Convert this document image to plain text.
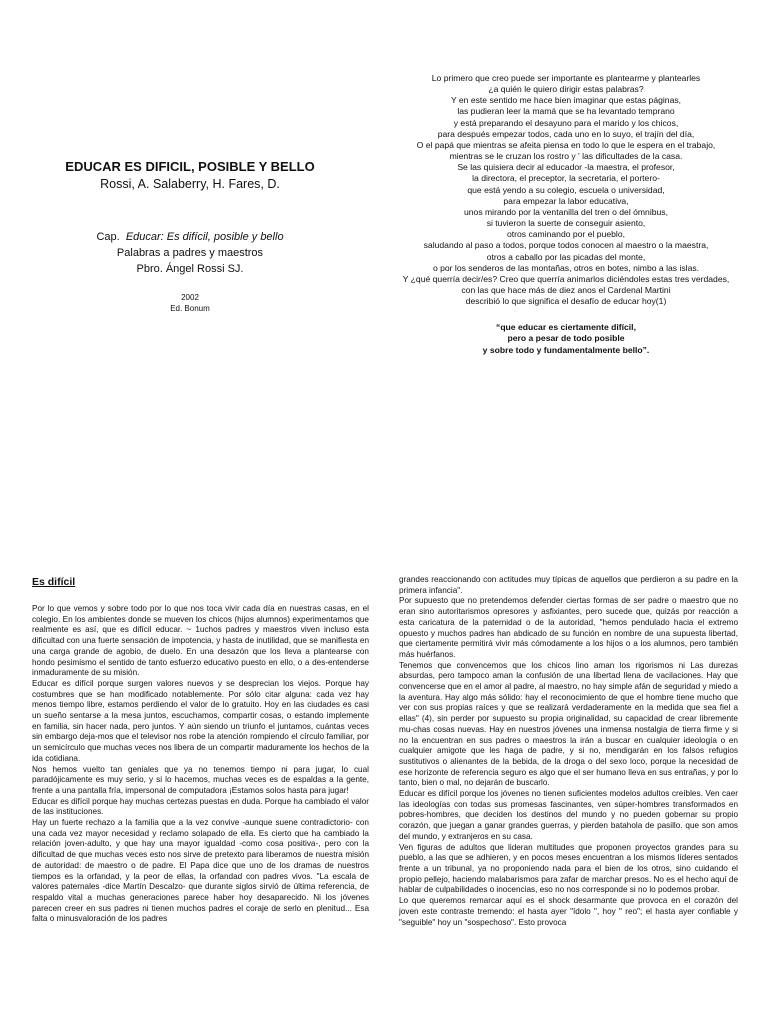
EDUCAR ES DIFICIL, POSIBLE Y BELLO

Rossi, A. Salaberry, H. Fares, D.

Cap. Educar: Es difícil, posible y bello
Palabras a padres y maestros
Pbro. Ángel Rossi SJ.
2002
Ed. Bonum

Lo primero que creo puede ser importante es plantearme y plantearles

¿a quién le quiero dirigir estas palabras?

Y en este sentido me hace bien imaginar que estas páginas,

las pudieran leer la mamá que se ha levantado temprano

y está preparando el desayuno para el marido y los chicos,

para después empezar todos, cada uno en lo suyo, el trajín del día,

O el papá que mientras se afeita piensa en todo lo que le espera en el trabajo,

mientras se le cruzan los rostro y ' las dificultades de la casa.

Se las quisiera decir al educador -la maestra, el profesor,

la directora, el preceptor, la secretaria, el portero-

que está yendo a su colegio, escuela o universidad,

para empezar la labor educativa,

unos mirando por la ventanilla del tren o del ómnibus,

si tuvieron la suerte de conseguir asiento,

otros caminando por el pueblo,

saludando al paso a todos, porque todos conocen al maestro o la maestra,

otros a caballo por las picadas del monte,

o por los senderos de las montañas, otros en botes, nimbo a las islas.

Y ¿qué querría decir/es? Creo que querría animarlos diciéndoles estas tres verdades,

con las que hace más de diez anos el Cardenal Martini

describió lo que significa el desafío de educar hoy(1)

“que educar es ciertamente difícil,

pero a pesar de todo posible

y sobre todo y fundamentalmente bello”.

Es difícil

Por lo que vemos y sobre todo por lo que nos toca vivir cada día en nuestras casas, en el colegio. En los ambientes donde se mueven los chicos (hijos alumnos) experimentamos que realmente es así, que es difícil educar. ~ 1uchos padres y maestros viven incluso esta dificultad con una fuerte sensación de impotencia, y hasta de inutilidad, que se manifiesta en una carga grande de agobio, de duelo. En una desazón que los lleva a plantearse con hondo pesimismo el sentido de tanto esfuerzo educativo puesto en ello, o a des-entenderse inmaduramente de su misión.

Educar es difícil porque surgen valores nuevos y se desprecian los viejos. Porque hay costumbres que se han modificado notablemente. Por sólo citar alguna: cada vez hay menos tiempo libre, estamos perdiendo el valor de lo gratuito. Hoy en las ciudades es casi un sueño sentarse a la mesa juntos, escuchamos, compartir cosas, o estando implemente en familia, sin hacer nada, pero juntos. Y aún siendo un triunfo el juntamos, cuántas veces sin embargo deja-mos que el televisor nos robe la atención rompiendo el círculo familiar, por un semicírculo que muchas veces nos libera de un compartir maduramente los hechos de la ida cotidiana.

Nos hemos vuelto tan geniales que ya no tenemos tiempo ni para jugar, lo cual paradójicamente es muy serio, y si lo hacemos, muchas veces es de espaldas a la gente, frente a una pantalla fría, impersonal de computadora ¡Estamos solos hasta para jugar!

Educar es difícil porque hay muchas certezas puestas en duda. Porque ha cambiado el valor de las instituciones.

Hay un fuerte rechazo a la familia que a la vez convive -aunque suene contradictorio- con una cada vez mayor necesidad y reclamo solapado de ella. Es cierto que ha cambiado la relación joven-adulto, y que hay una mayor igualdad -como cosa positiva-, pero con la dificultad de que muchas veces esto nos sirve de pretexto para liberamos de nuestra misión de autoridad: de maestro o de padre. El Papa dice que uno de los dramas de nuestros tiempos es la orfandad, y la peor de ellas, la orfandad con padres vivos. "La escala de valores paternales -dice Martín Descalzo- que durante siglos sirvió de última referencia, de respaldo vital a muchas generaciones parece haber hoy desaparecido. Ni los jóvenes parecen creer en sus padres ni tienen muchos padres el coraje de serlo en plenitud... Esa falta o minusvaloración de los padres

grandes reaccionando con actitudes muy típicas de aquellos que perdieron a su padre en la primera infancia".

Por supuesto que no pretendemos defender ciertas formas de ser padre o maestro que no eran sino autoritarismos opresores y asfixiantes, pero sucede que, quizás por reacción a esta caricatura de la paternidad o de la autoridad, "hemos pendulado hacia el extremo opuesto y muchos padres han abdicado de su función en nombre de una supuesta libertad, que ciertamente permitirá vivir más cómodamente a los hijos o a los alumnos, pero también más huérfanos.

Tenemos que convencemos que los chicos lino aman los rigorismos ni Las durezas absurdas, pero tampoco aman la confusión de una libertad llena de vacilaciones. Hay que convencerse que en el amor al padre, al maestro, no hay simple afán de seguridad y miedo a la aventura. Hay algo más sólido: hay el reconocimiento de que el hombre tiene mucho que ver con sus propias raíces y que se realizará verdaderamente en la medida que sea fiel a ellas" (4), sin perder por supuesto su propia originalidad, su capacidad de crear libremente mu-chas cosas nuevas. Hay en nuestros jóvenes una inmensa nostalgia de tierra firme y si no la encuentran en sus padres o maestros la irán a buscar en cualquier ideología o en cualquier amigote que les haga de padre, y si no, mendigarán en los falsos refugios sustitutivos o alienantes de la bebida, de la droga o del sexo loco, porque la necesidad de ese horizonte de referencia seguro es algo que el ser humano lleva en sus entrañas, y por lo tanto, bien o mal, no dejarán de buscarlo.

Educar es difícil porque los jóvenes no tienen suficientes modelos adultos creíbles. Ven caer las ideologías con todas sus promesas fascinantes, ven súper-hombres transformados en pobres-hombres, que deciden los destinos del mundo y no pueden gobernar su propio corazón, que juegan a ganar grandes guerras, y pierden batahola de pasillo. que son amos del mundo, y extranjeros en su casa.

Ven figuras de adultos que lideran multitudes que proponen proyectos grandes para su pueblo, a las que se adhieren, y en pocos meses encuentran a los mismos líderes sentados frente a un tribunal, ya no proponiendo nada para el bien de los otros, sino cuidando el propio pellejo, haciendo malabarismos para zafar de marchar presos. No es el hecho aquí de hablar de culpabilidades o inocencias, eso no nos corresponde si no lo podemos probar.

Lo que queremos remarcar aquí es el shock desarmante que provoca en el corazón del joven este contraste tremendo: el hasta ayer "ídolo ", hoy " reo"; el hasta ayer confiable y "seguible" hoy un "sospechoso". Esto provoca
